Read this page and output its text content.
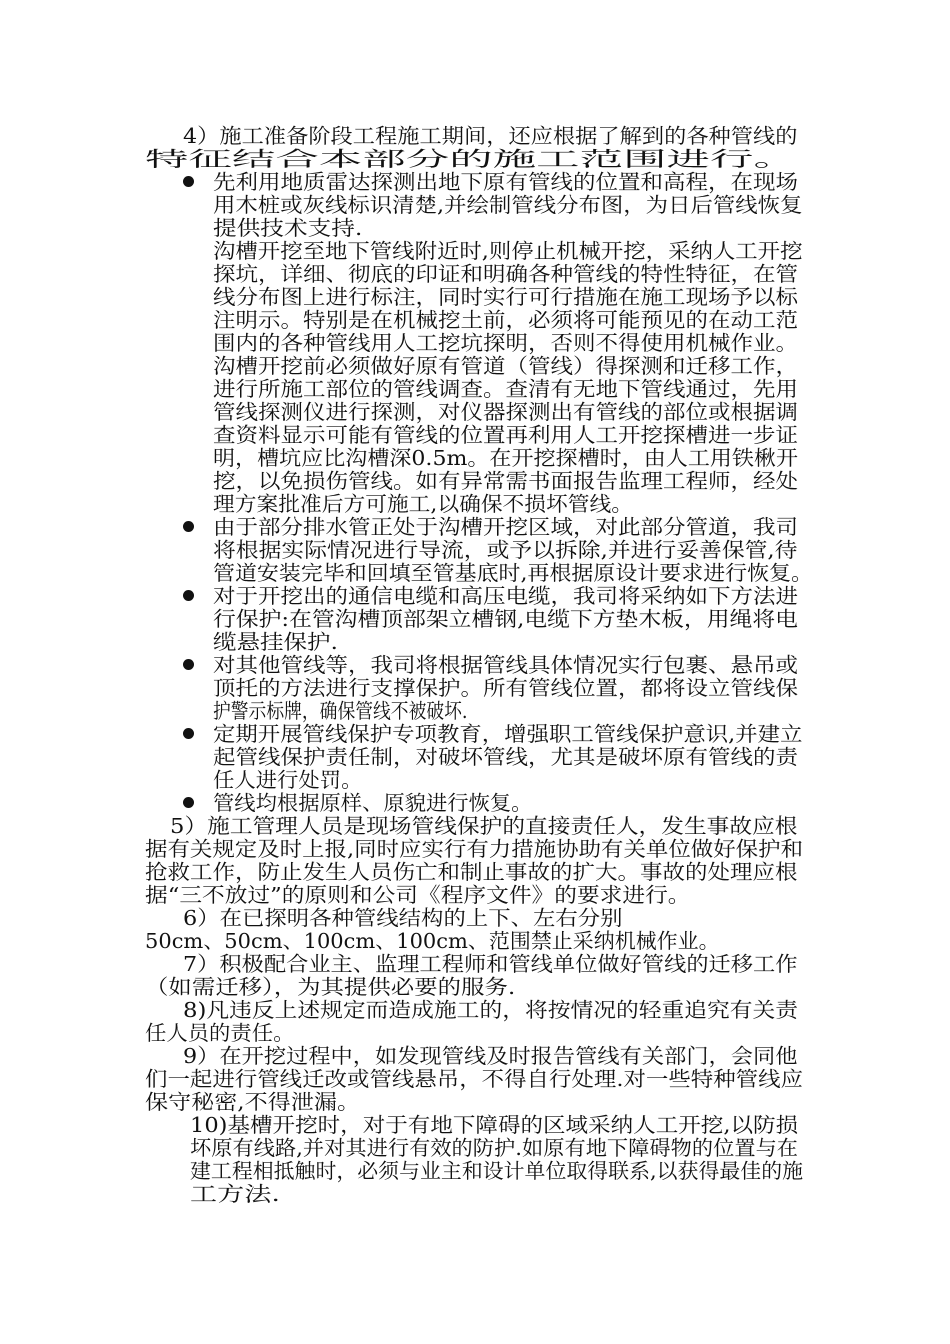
4）施工准备阶段工程施工期间，还应根据了解到的各种管线的
特征结合本部分的施工范围进行。
先利用地质雷达探测出地下原有管线的位置和高程，在现场
用木桩或灰线标识清楚,并绘制管线分布图，为日后管线恢复
提供技术支持.
沟槽开挖至地下管线附近时,则停止机械开挖，采纳人工开挖
探坑，详细、彻底的印证和明确各种管线的特性特征，在管
线分布图上进行标注，同时实行可行措施在施工现场予以标
注明示。特别是在机械挖土前，必须将可能预见的在动工范
围内的各种管线用人工挖坑探明，否则不得使用机械作业。
沟槽开挖前必须做好原有管道（管线）得探测和迁移工作，
进行所施工部位的管线调查。查清有无地下管线通过，先用
管线探测仪进行探测，对仪器探测出有管线的部位或根据调
查资料显示可能有管线的位置再利用人工开挖探槽进一步证
明，槽坑应比沟槽深0.5m。在开挖探槽时，由人工用铁楸开
挖，以免损伤管线。如有异常需书面报告监理工程师，经处
理方案批准后方可施工,以确保不损坏管线。
由于部分排水管正处于沟槽开挖区域，对此部分管道，我司
将根据实际情况进行导流，或予以拆除,并进行妥善保管,待
管道安装完毕和回填至管基底时,再根据原设计要求进行恢复。
对于开挖出的通信电缆和高压电缆，我司将采纳如下方法进
行保护:在管沟槽顶部架立槽钢,电缆下方垫木板，用绳将电
缆悬挂保护.
对其他管线等，我司将根据管线具体情况实行包裹、悬吊或
顶托的方法进行支撑保护。所有管线位置，都将设立管线保
护警示标牌，确保管线不被破坏.
定期开展管线保护专项教育，增强职工管线保护意识,并建立
起管线保护责任制，对破坏管线，尤其是破坏原有管线的责
任人进行处罚。
管线均根据原样、原貌进行恢复。
5）施工管理人员是现场管线保护的直接责任人，发生事故应根
据有关规定及时上报,同时应实行有力措施协助有关单位做好保护和
抢救工作，防止发生人员伤亡和制止事故的扩大。事故的处理应根
据“三不放过”的原则和公司《程序文件》的要求进行。
6）在已探明各种管线结构的上下、左右分别
50cm、50cm、100cm、100cm、范围禁止采纳机械作业。
7）积极配合业主、监理工程师和管线单位做好管线的迁移工作
（如需迁移），为其提供必要的服务.
8)凡违反上述规定而造成施工的，将按情况的轻重追究有关责
任人员的责任。
9）在开挖过程中，如发现管线及时报告管线有关部门，会同他
们一起进行管线迁改或管线悬吊，不得自行处理.对一些特种管线应
保守秘密,不得泄漏。
10)基槽开挖时，对于有地下障碍的区域采纳人工开挖,以防损
坏原有线路,并对其进行有效的防护.如原有地下障碍物的位置与在
建工程相抵触时，必须与业主和设计单位取得联系,以获得最佳的施
工方法.
